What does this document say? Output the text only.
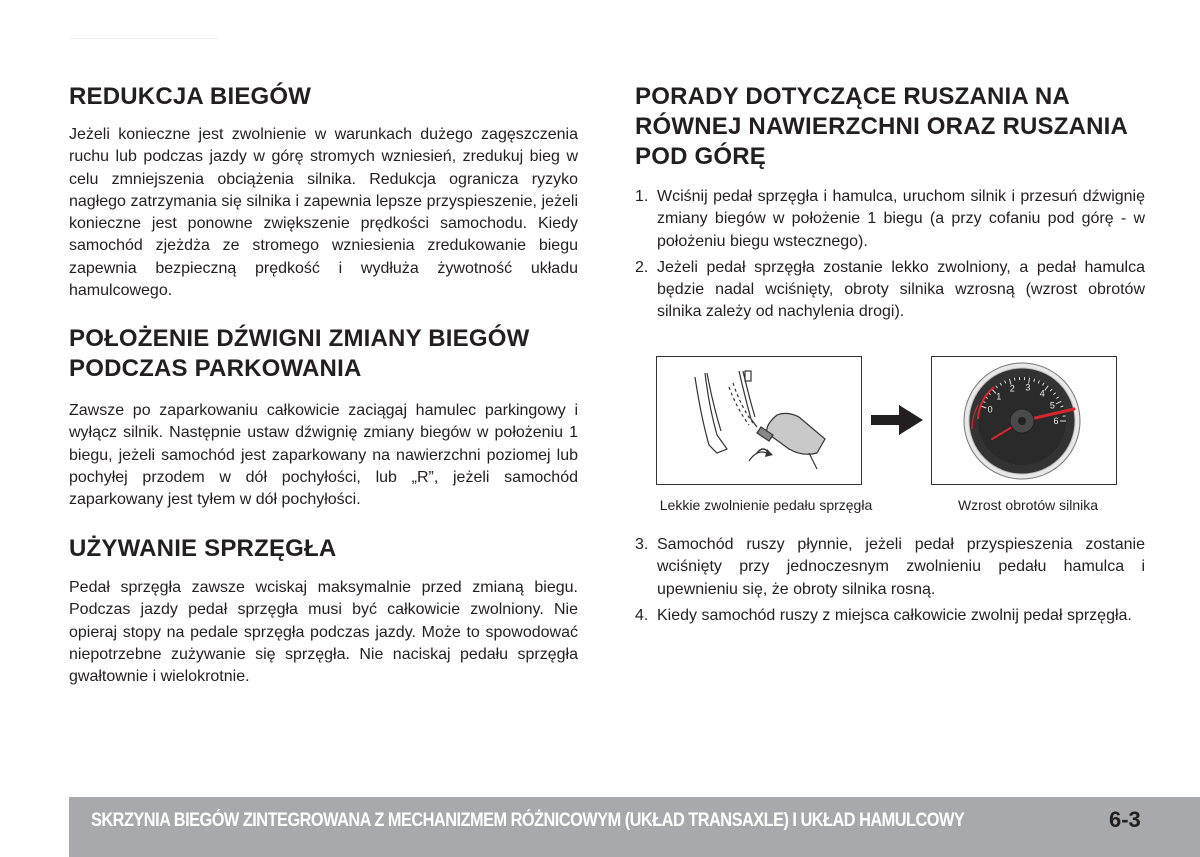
REDUKCJA BIEGÓW

Jeżeli konieczne jest zwolnienie w warunkach dużego zagęszczenia ruchu lub podczas jazdy w górę stromych wzniesień, zredukuj bieg w celu zmniejszenia obciążenia silnika. Redukcja ogranicza ryzyko nagłego zatrzymania się silnika i zapewnia lepsze przyspieszenie, jeżeli konieczne jest ponowne zwiększenie prędkości samochodu. Kiedy samochód zjeżdża ze stromego wzniesienia zredukowanie biegu zapewnia bezpieczną prędkość i wydłuża żywotność układu hamulcowego.

POŁOŻENIE DŹWIGNI ZMIANY BIEGÓW
PODCZAS PARKOWANIA

Zawsze po zaparkowaniu całkowicie zaciągaj hamulec parkingowy i wyłącz silnik. Następnie ustaw dźwignię zmiany biegów w położeniu 1 biegu, jeżeli samochód jest zaparkowany na nawierzchni poziomej lub pochyłej przodem w dół pochyłości, lub „R”, jeżeli samochód zaparkowany jest tyłem w dół pochyłości.

UŻYWANIE SPRZĘGŁA

Pedał sprzęgła zawsze wciskaj maksymalnie przed zmianą biegu. Podczas jazdy pedał sprzęgła musi być całkowicie zwolniony. Nie opieraj stopy na pedale sprzęgła podczas jazdy. Może to spowodować niepotrzebne zużywanie się sprzęgła. Nie naciskaj pedału sprzęgła gwałtownie i wielokrotnie.

PORADY DOTYCZĄCE RUSZANIA NA
RÓWNEJ NAWIERZCHNI ORAZ RUSZANIA
POD GÓRĘ
1. Wciśnij pedał sprzęgła i hamulca, uruchom silnik i przesuń dźwignię zmiany biegów w położenie 1 biegu (a przy cofaniu pod górę - w położeniu biegu wstecznego).
2. Jeżeli pedał sprzęgła zostanie lekko zwolniony, a pedał hamulca będzie nadal wciśnięty, obroty silnika wzrosną (wzrost obrotów silnika zależy od nachylenia drogi).
0
1
2 3
4
5
6
Lekkie zwolnienie pedału sprzęgła	Wzrost obrotów silnika
3. Samochód ruszy płynnie, jeżeli pedał przyspieszenia zostanie wciśnięty przy jednoczesnym zwolnieniu pedału hamulca i upewnieniu się, że obroty silnika rosną.
4. Kiedy samochód ruszy z miejsca całkowicie zwolnij pedał sprzęgła.
SKRZYNIA BIEGÓW ZINTEGROWANA Z MECHANIZMEM RÓŻNICOWYM (UKŁAD TRANSAXLE) I UKŁAD HAMULCOWY	6-3
